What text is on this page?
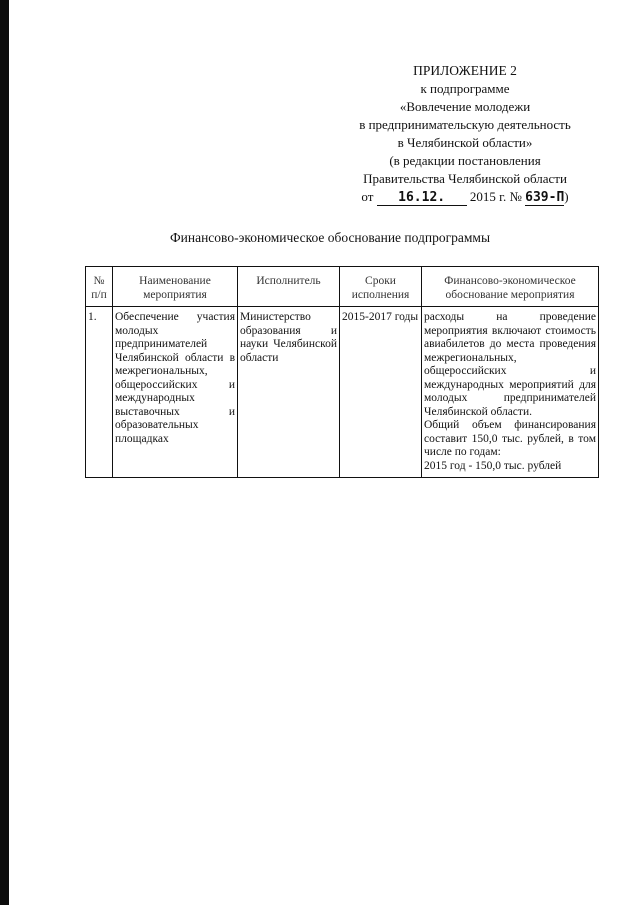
ПРИЛОЖЕНИЕ 2
к подпрограмме
«Вовлечение молодежи
в предпринимательскую деятельность
в Челябинской области»
(в редакции постановления
Правительства Челябинской области
от 16.12. 2015 г. № 639-П)
Финансово-экономическое обоснование подпрограммы
№ п/п	Наименование мероприятия	Исполнитель	Сроки исполнения	Финансово-экономическое обоснование мероприятия
1.	Обеспечение участия молодых предпринимателей Челябинской области в межрегиональных, общероссийских и международных выставочных и образовательных площадках	Министерство образования и науки Челябинской области	2015-2017 годы	расходы на проведение мероприятия включают стоимость авиабилетов до места проведения межрегиональных, общероссийских и международных мероприятий для молодых предпринимателей Челябинской области.
Общий объем финансирования составит 150,0 тыс. рублей, в том числе по годам:
2015 год - 150,0 тыс. рублей
